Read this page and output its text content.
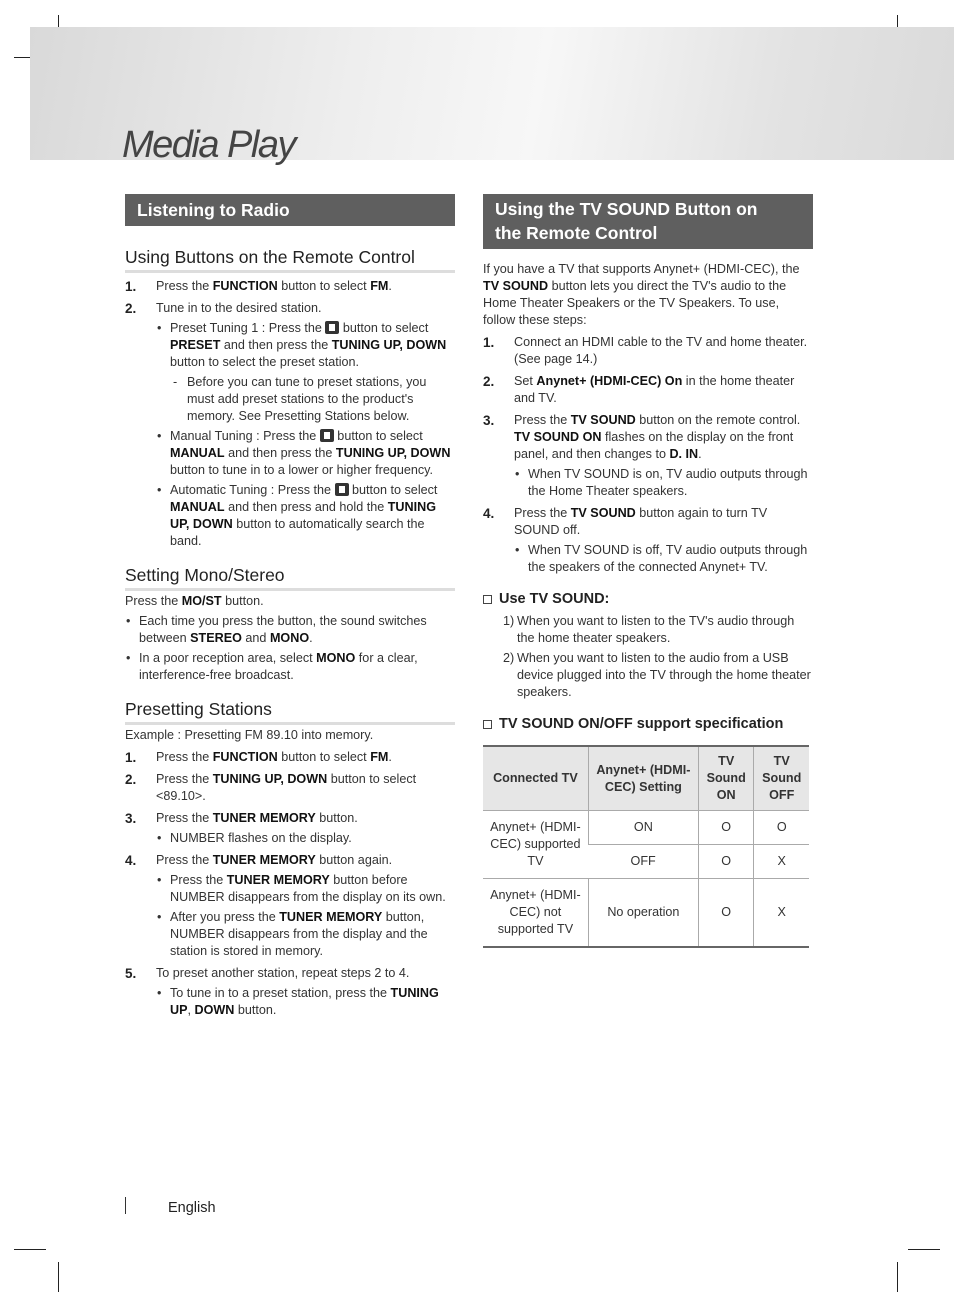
Media Play
Listening to Radio
Using Buttons on the Remote Control
1. Press the FUNCTION button to select FM.
2. Tune in to the desired station.
• Preset Tuning 1 : Press the  button to select PRESET and then press the TUNING UP, DOWN button to select the preset station.
- Before you can tune to preset stations, you must add preset stations to the product's memory. See Presetting Stations below.
• Manual Tuning : Press the  button to select MANUAL and then press the TUNING UP, DOWN button to tune in to a lower or higher frequency.
• Automatic Tuning : Press the  button to select MANUAL and then press and hold the TUNING UP, DOWN button to automatically search the band.
Setting Mono/Stereo

Press the MO/ST button.

• Each time you press the button, the sound switches between STEREO and MONO.
• In a poor reception area, select MONO for a clear, interference-free broadcast.
Presetting Stations

Example : Presetting FM 89.10 into memory.

1. Press the FUNCTION button to select FM.
2. Press the TUNING UP, DOWN button to select <89.10>.
3. Press the TUNER MEMORY button.
• NUMBER flashes on the display.
4. Press the TUNER MEMORY button again.
• Press the TUNER MEMORY button before NUMBER disappears from the display on its own.
• After you press the TUNER MEMORY button, NUMBER disappears from the display and the station is stored in memory.
5. To preset another station, repeat steps 2 to 4.
• To tune in to a preset station, press the TUNING UP, DOWN button.
Using the TV SOUND Button on
the Remote Control

If you have a TV that supports Anynet+ (HDMI-CEC), the TV SOUND button lets you direct the TV's audio to the Home Theater Speakers or the TV Speakers. To use, follow these steps:

1. Connect an HDMI cable to the TV and home theater. (See page 14.)
2. Set Anynet+ (HDMI-CEC) On in the home theater and TV.
3. Press the TV SOUND button on the remote control. TV SOUND ON flashes on the display on the front panel, and then changes to D. IN.
• When TV SOUND is on, TV audio outputs through the Home Theater speakers.
4. Press the TV SOUND button again to turn TV SOUND off.
• When TV SOUND is off, TV audio outputs through the speakers of the connected Anynet+ TV.
Use TV SOUND:
1) When you want to listen to the TV's audio through the home theater speakers.
2) When you want to listen to the audio from a USB device plugged into the TV through the home theater speakers.
TV SOUND ON/OFF support specification
Connected TV	Anynet+ (HDMI-CEC) Setting	TV Sound ON	TV Sound OFF
Anynet+ (HDMI-CEC) supported TV	ON	O	O
	OFF	O	X
Anynet+ (HDMI-CEC) not supported TV	No operation	O	X
English
